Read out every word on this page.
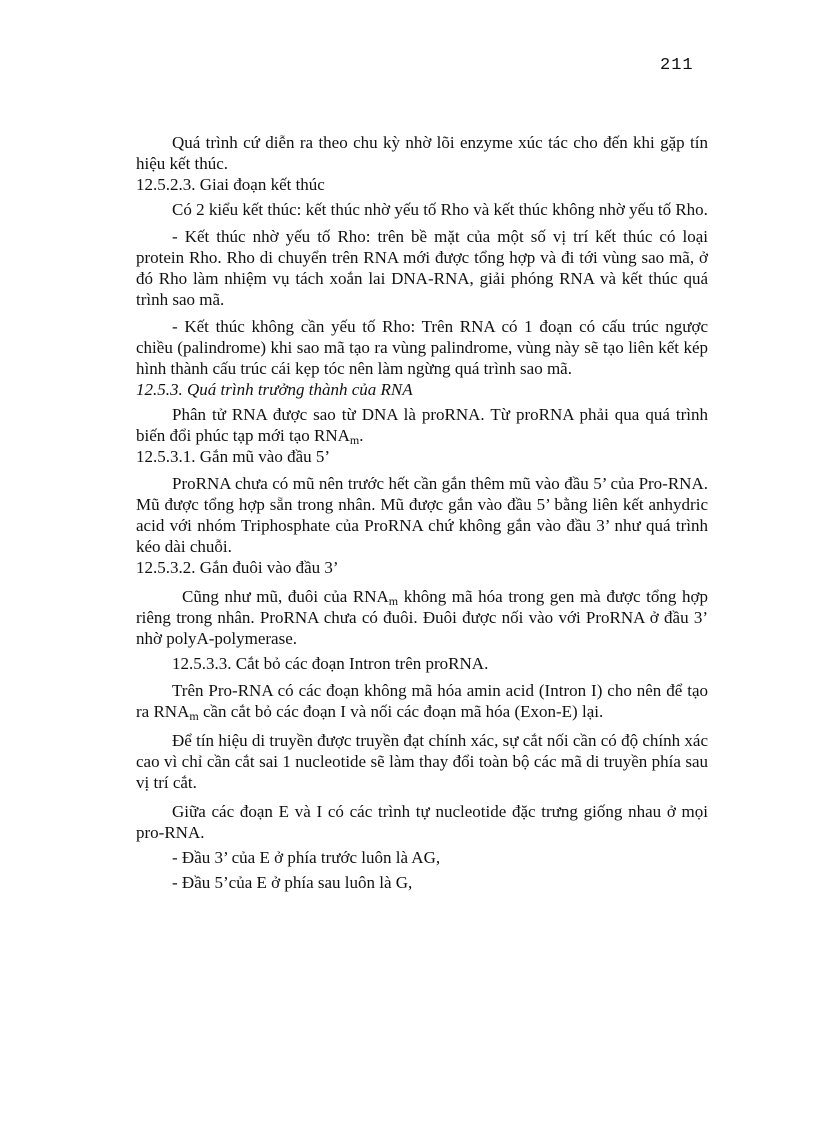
211

Quá trình cứ diễn ra theo chu kỳ nhờ lõi enzyme xúc tác cho đến khi gặp tín hiệu kết thúc.

12.5.2.3. Giai đoạn kết thúc

Có 2 kiểu kết thúc: kết thúc nhờ yếu tố Rho và kết thúc không nhờ yếu tố Rho.

- Kết thúc nhờ yếu tố Rho: trên bề mặt của một số vị trí kết thúc có loại protein Rho. Rho di chuyển trên RNA mới được tổng hợp và đi tới vùng sao mã, ở đó Rho làm nhiệm vụ tách xoắn lai DNA-RNA, giải phóng RNA và kết thúc quá trình sao mã.

- Kết thúc không cần yếu tố Rho: Trên RNA có 1 đoạn có cấu trúc ngược chiều (palindrome) khi sao mã tạo ra vùng palindrome, vùng này sẽ tạo liên kết kép hình thành cấu trúc cái kẹp tóc nên làm ngừng quá trình sao mã.

12.5.3. Quá trình trưởng thành của RNA

Phân tử RNA được sao từ DNA là proRNA. Từ proRNA phải qua quá trình biến đổi phúc tạp mới tạo $RNA_m$.

12.5.3.1. Gắn mũ vào đầu 5’

ProRNA chưa có mũ nên trước hết cần gắn thêm mũ vào đầu 5’ của Pro-RNA. Mũ được tổng hợp sẵn trong nhân. Mũ được gắn vào đầu 5’ bằng liên kết anhydric acid với nhóm Triphosphate của ProRNA chứ không gắn vào đầu 3’ như quá trình kéo dài chuỗi.

12.5.3.2. Gắn đuôi vào đầu 3’

Cũng như mũ, đuôi của $RNA_m$ không mã hóa trong gen mà được tổng hợp riêng trong nhân. ProRNA chưa có đuôi. Đuôi được nối vào với ProRNA ở đầu 3’ nhờ polyA-polymerase.

12.5.3.3. Cắt bỏ các đoạn Intron trên proRNA.

Trên Pro-RNA có các đoạn không mã hóa amin acid (Intron I) cho nên để tạo ra $RNA_m$ cần cắt bỏ các đoạn I và nối các đoạn mã hóa (Exon-E) lại.

Để tín hiệu di truyền được truyền đạt chính xác, sự cắt nối cần có độ chính xác cao vì chỉ cần cắt sai 1 nucleotide sẽ làm thay đổi toàn bộ các mã di truyền phía sau vị trí cắt.

Giữa các đoạn E và I có các trình tự nucleotide đặc trưng giống nhau ở mọi pro-RNA.

- Đầu 3’ của E ở phía trước luôn là AG,

- Đầu 5’của E ở phía sau luôn là G,
